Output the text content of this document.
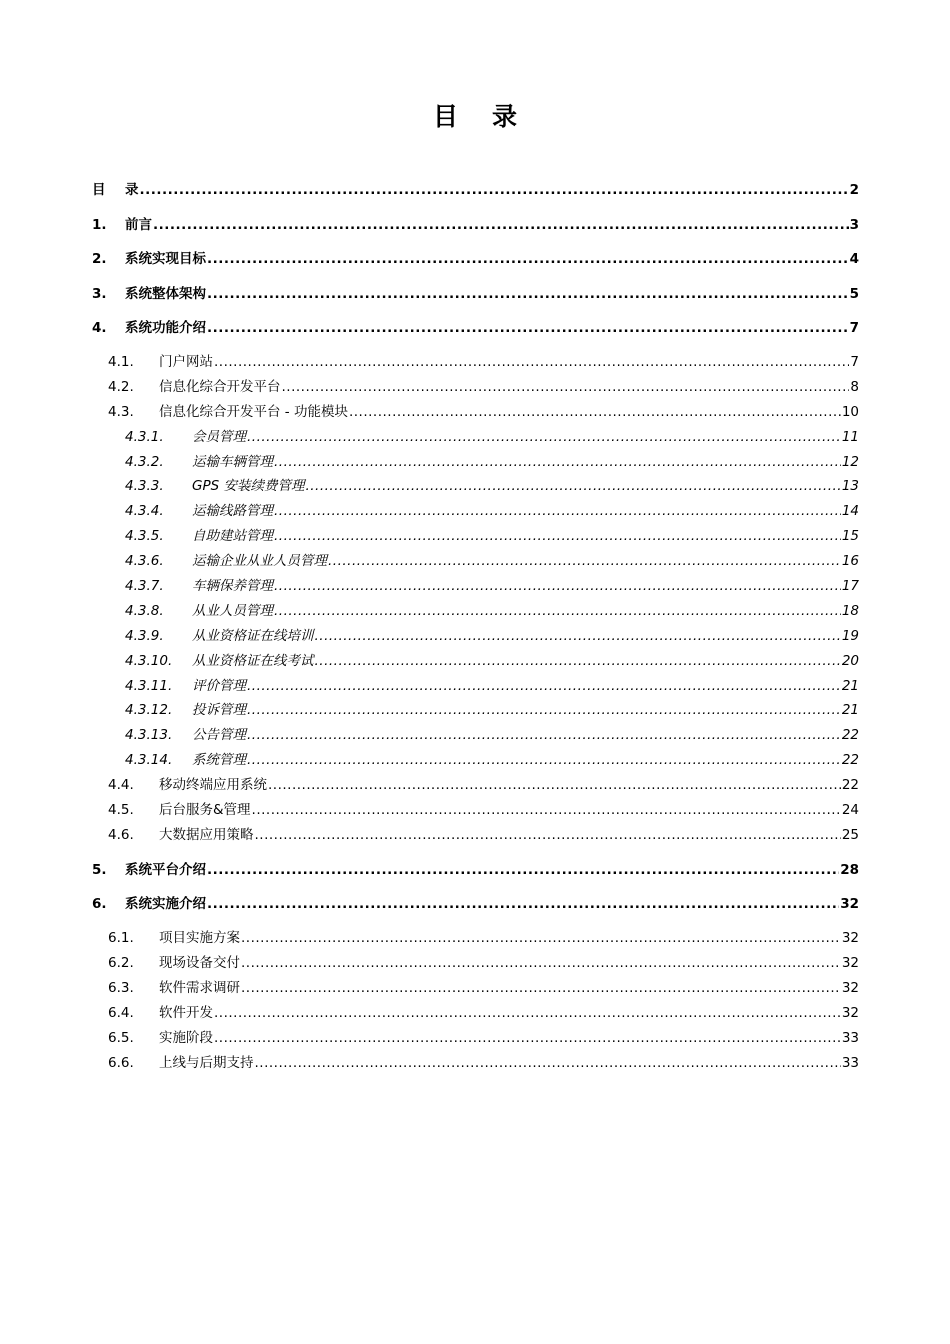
目 录
目	录 .....	2
1.	前言 .....	3
2.	系统实现目标 .....	4
3.	系统整体架构 .....	5
4.	系统功能介绍 .....	7
4.1.	门户网站 .....	7
4.2.	信息化综合开发平台 .....	8
4.3.	信息化综合开发平台 - 功能模块 .....	10
4.3.1.	会员管理 .....	11
4.3.2.	运输车辆管理 .....	12
4.3.3.	GPS 安装续费管理 .....	13
4.3.4.	运输线路管理 .....	14
4.3.5.	自助建站管理 .....	15
4.3.6.	运输企业从业人员管理 .....	16
4.3.7.	车辆保养管理 .....	17
4.3.8.	从业人员管理 .....	18
4.3.9.	从业资格证在线培训 .....	19
4.3.10.	从业资格证在线考试 .....	20
4.3.11.	评价管理 .....	21
4.3.12.	投诉管理 .....	21
4.3.13.	公告管理 .....	22
4.3.14.	系统管理 .....	22
4.4.	移动终端应用系统 .....	22
4.5.	后台服务&管理 .....	24
4.6.	大数据应用策略 .....	25
5.	系统平台介绍 .....	28
6.	系统实施介绍 .....	32
6.1.	项目实施方案 .....	32
6.2.	现场设备交付 .....	32
6.3.	软件需求调研 .....	32
6.4.	软件开发 .....	32
6.5.	实施阶段 .....	33
6.6.	上线与后期支持 .....	33
